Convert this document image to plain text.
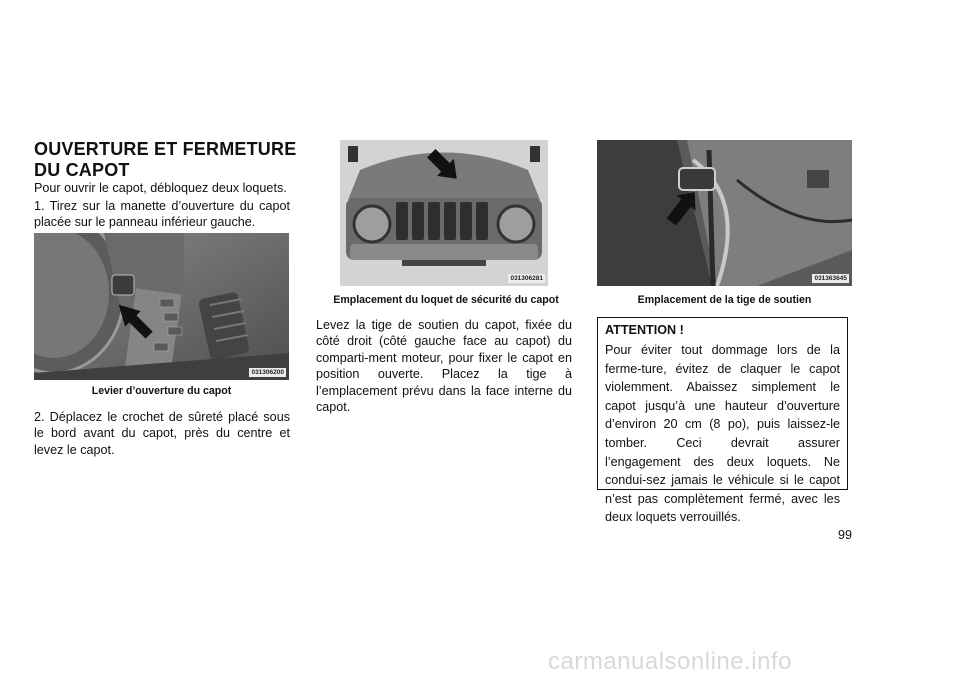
OUVERTURE ET FERMETURE
DU CAPOT

Pour ouvrir le capot, débloquez deux loquets.

1. Tirez sur la manette d’ouverture du capot placée sur le panneau inférieur gauche.

031306200
Levier d’ouverture du capot

2. Déplacez le crochet de sûreté placé sous le bord avant du capot, près du centre et levez le capot.

031306281
Emplacement du loquet de sécurité du capot

Levez la tige de soutien du capot, fixée du côté droit (côté gauche face au capot) du comparti-ment moteur, pour fixer le capot en position ouverte. Placez la tige à l’emplacement prévu dans la face interne du capot.

031363645
Emplacement de la tige de soutien

ATTENTION !

Pour éviter tout dommage lors de la ferme-ture, évitez de claquer le capot violemment. Abaissez simplement le capot jusqu’à une hauteur d’ouverture d’environ 20 cm (8 po), puis laissez-le tomber. Ceci devrait assurer l’engagement des deux loquets. Ne condui-sez jamais le véhicule si le capot n’est pas complètement fermé, avec les deux loquets verrouillés.

99
carmanualsonline.info
